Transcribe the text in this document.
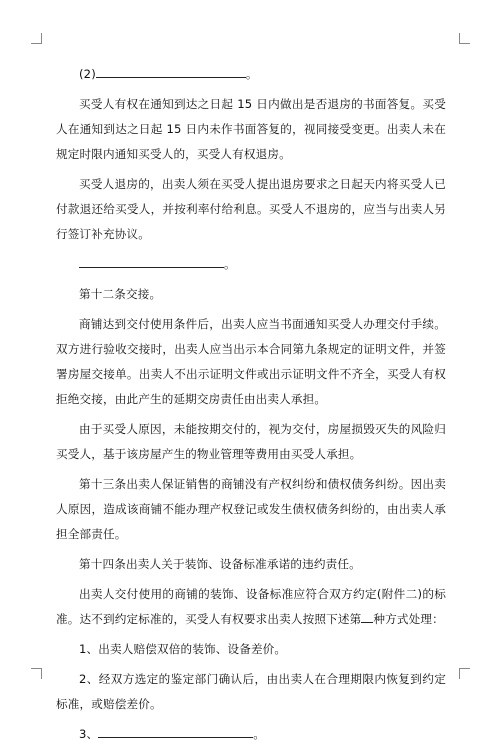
(2)	。

买受人有权在通知到达之日起 15 日内做出是否退房的书面答复。买受人在通知到达之日起 15 日内未作书面答复的，视同接受变更。出卖人未在规定时限内通知买受人的，买受人有权退房。

买受人退房的，出卖人须在买受人提出退房要求之日起天内将买受人已付款退还给买受人，并按利率付给利息。买受人不退房的，应当与出卖人另行签订补充协议。

。

第十二条交接。

商铺达到交付使用条件后，出卖人应当书面通知买受人办理交付手续。双方进行验收交接时，出卖人应当出示本合同第九条规定的证明文件，并签署房屋交接单。出卖人不出示证明文件或出示证明文件不齐全，买受人有权拒绝交接，由此产生的延期交房责任由出卖人承担。

由于买受人原因，未能按期交付的，视为交付，房屋损毁灭失的风险归买受人，基于该房屋产生的物业管理等费用由买受人承担。

第十三条出卖人保证销售的商铺没有产权纠纷和债权债务纠纷。因出卖人原因，造成该商铺不能办理产权登记或发生债权债务纠纷的，由出卖人承担全部责任。

第十四条出卖人关于装饰、设备标准承诺的违约责任。

出卖人交付使用的商铺的装饰、设备标准应符合双方约定(附件二)的标准。达不到约定标准的，买受人有权要求出卖人按照下述第 种方式处理：

1、出卖人赔偿双倍的装饰、设备差价。

2、经双方选定的鉴定部门确认后，由出卖人在合理期限内恢复到约定标准，或赔偿差价。

3、	。
